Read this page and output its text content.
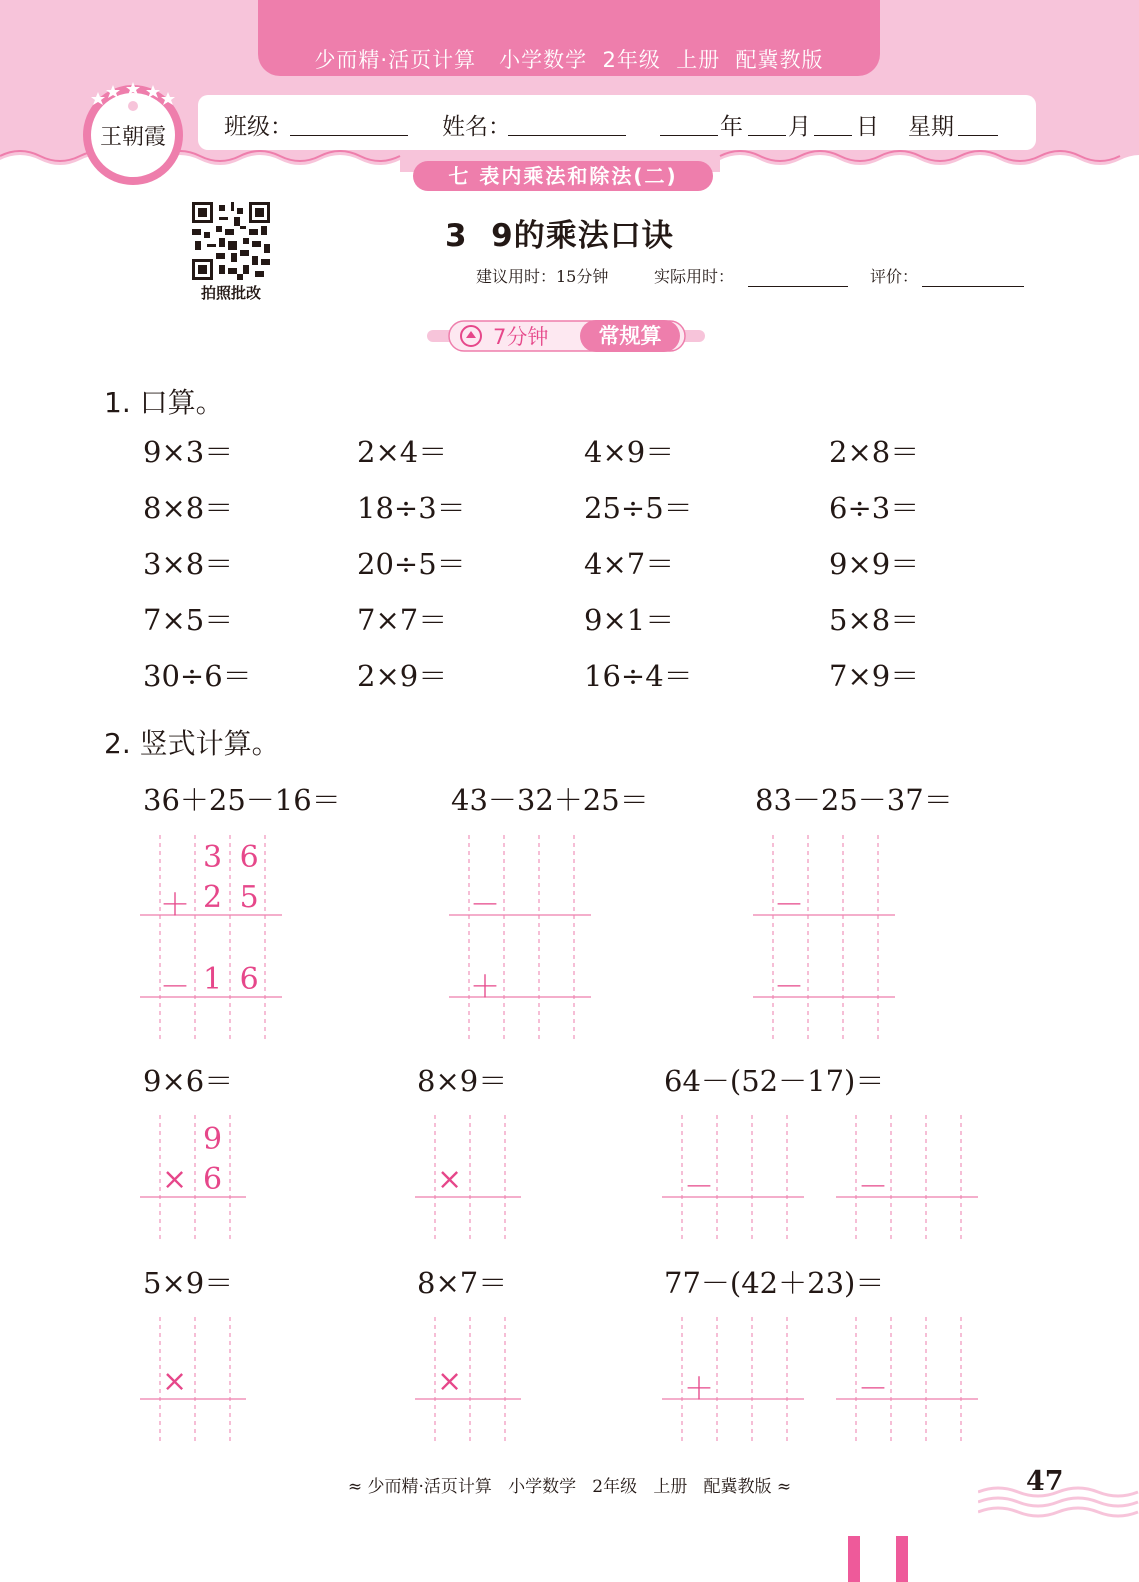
少而精·活页计算   小学数学  2年级  上册  配冀教版
班级：	姓名：	年 月 日 星期
七 表内乘法和除法(二)
王朝霞
拍照批改
3  9的乘法口诀
建议用时：15分钟	实际用时：	评价：
7分钟	常规算
1. 口算。
9×3＝	2×4＝	4×9＝	2×8＝
8×8＝	18÷3＝	25÷5＝	6÷3＝
3×8＝	20÷5＝	4×7＝	9×9＝
7×5＝	7×7＝	9×1＝	5×8＝
30÷6＝	2×9＝	16÷4＝	7×9＝
2. 竖式计算。
36＋25－16＝	43－32＋25＝	83－25－37＝
3 6
＋ 2 5
－ 1 6
－
＋
－
－
9×6＝	8×9＝	64－(52－17)＝
9
× 6	×	－	－
5×9＝	8×7＝	77－(42＋23)＝
×	×	＋	－
≈ 少而精·活页计算   小学数学   2年级   上册   配冀教版 ≈	47
